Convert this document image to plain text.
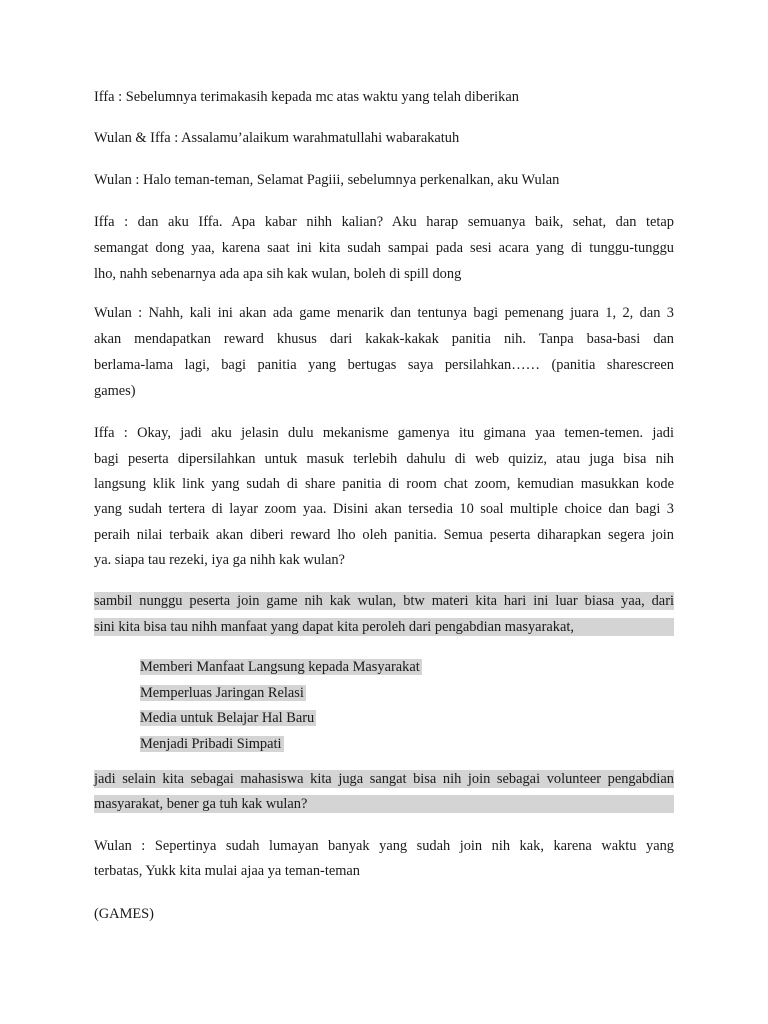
Iffa : Sebelumnya terimakasih kepada mc atas waktu yang telah diberikan
Wulan & Iffa : Assalamu’alaikum warahmatullahi wabarakatuh
Wulan : Halo teman-teman, Selamat Pagiii, sebelumnya perkenalkan, aku Wulan
Iffa : dan aku Iffa. Apa kabar nihh kalian? Aku harap semuanya baik, sehat, dan tetap
semangat dong yaa, karena saat ini kita sudah sampai pada sesi acara yang di tunggu-tunggu
lho, nahh sebenarnya ada apa sih kak wulan, boleh di spill dong
Wulan : Nahh, kali ini akan ada game menarik dan tentunya bagi pemenang juara 1, 2, dan 3
akan mendapatkan reward khusus dari kakak-kakak panitia nih. Tanpa basa-basi dan
berlama-lama lagi, bagi panitia yang bertugas saya persilahkan…… (panitia sharescreen
games)
Iffa : Okay, jadi aku jelasin dulu mekanisme gamenya itu gimana yaa temen-temen. jadi
bagi peserta dipersilahkan untuk masuk terlebih dahulu di web quiziz, atau juga bisa nih
langsung klik link yang sudah di share panitia di room chat zoom, kemudian masukkan kode
yang sudah tertera di layar zoom yaa. Disini akan tersedia 10 soal multiple choice dan bagi 3
peraih nilai terbaik akan diberi reward lho oleh panitia. Semua peserta diharapkan segera join
ya. siapa tau rezeki, iya ga nihh kak wulan?
sambil nunggu peserta join game nih kak wulan, btw materi kita hari ini luar biasa yaa, dari
sini kita bisa tau nihh manfaat yang dapat kita peroleh dari pengabdian masyarakat,
Memberi Manfaat Langsung kepada Masyarakat
Memperluas Jaringan Relasi
Media untuk Belajar Hal Baru
Menjadi Pribadi Simpati
jadi selain kita sebagai mahasiswa kita juga sangat bisa nih join sebagai volunteer pengabdian
masyarakat, bener ga tuh kak wulan?
Wulan : Sepertinya sudah lumayan banyak yang sudah join nih kak, karena waktu yang
terbatas, Yukk kita mulai ajaa ya teman-teman
(GAMES)
